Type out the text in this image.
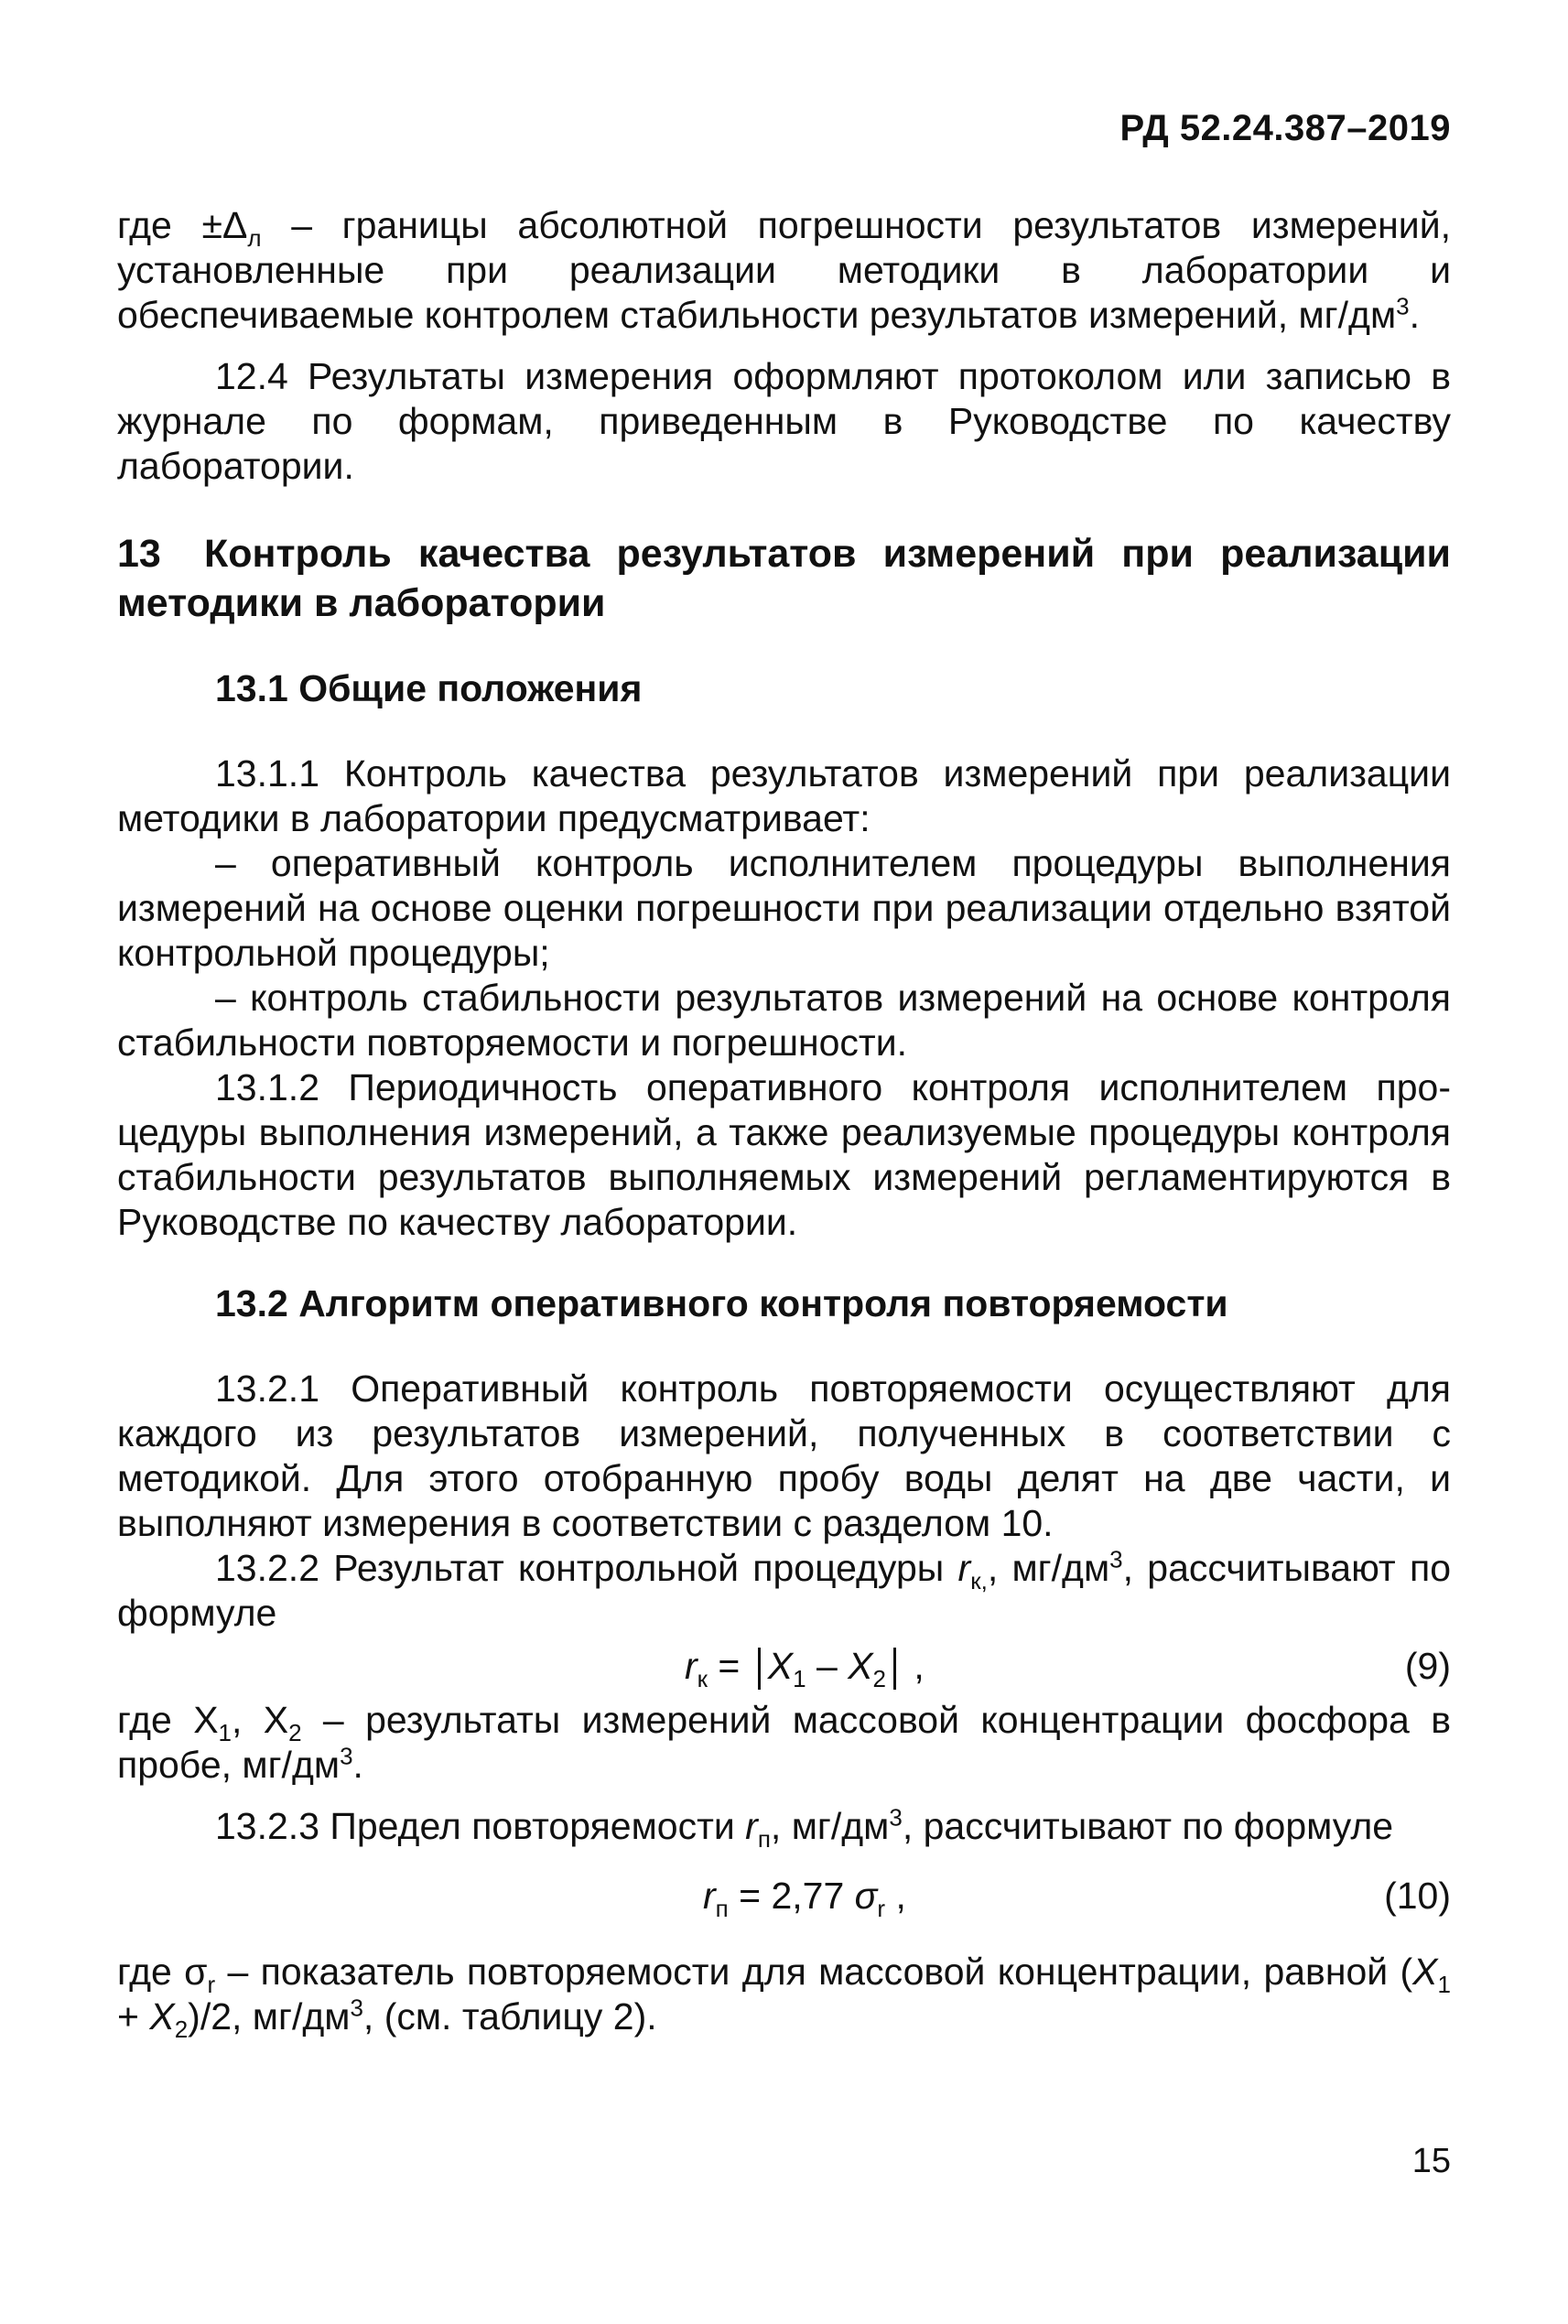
РД 52.24.387–2019

где $\pm\Delta_л$ – границы абсолютной погрешности результатов измерений, установленные при реализации методики в лаборатории и обеспечиваемые контролем стабильности результатов измерений, $мг/дм^3$.

12.4 Результаты измерения оформляют протоколом или записью в журнале по формам, приведенным в Руководстве по качеству лаборатории.

13 Контроль качества результатов измерений при реализации методики в лаборатории
13.1 Общие положения

13.1.1 Контроль качества результатов измерений при реализации методики в лаборатории предусматривает:

– оперативный контроль исполнителем процедуры выполнения измерений на основе оценки погрешности при реализации отдельно взятой контрольной процедуры;

– контроль стабильности результатов измерений на основе контроля стабильности повторяемости и погрешности.

13.1.2 Периодичность оперативного контроля исполнителем процедуры выполнения измерений, а также реализуемые процедуры контроля стабильности результатов выполняемых измерений регламентируются в Руководстве по качеству лаборатории.

13.2 Алгоритм оперативного контроля повторяемости

13.2.1 Оперативный контроль повторяемости осуществляют для каждого из результатов измерений, полученных в соответствии с методикой. Для этого отобранную пробу воды делят на две части, и выполняют измерения в соответствии с разделом 10.

13.2.2 Результат контрольной процедуры $r_{к,}$, $мг/дм^3$, рассчитывают по формуле

$r_к = X_1 - X_2$ ,	(9)

где $X_1$, $X_2$ – результаты измерений массовой концентрации фосфора в пробе, $мг/дм^3$.

13.2.3 Предел повторяемости $r_п$, $мг/дм^3$, рассчитывают по формуле

$r_п = 2,77$ $\sigma_r$ ,	(10)

где $\sigma_r$ – показатель повторяемости для массовой концентрации, равной $(X_1 + X_2)/2$, $мг/дм^3$, (см. таблицу 2).

15
